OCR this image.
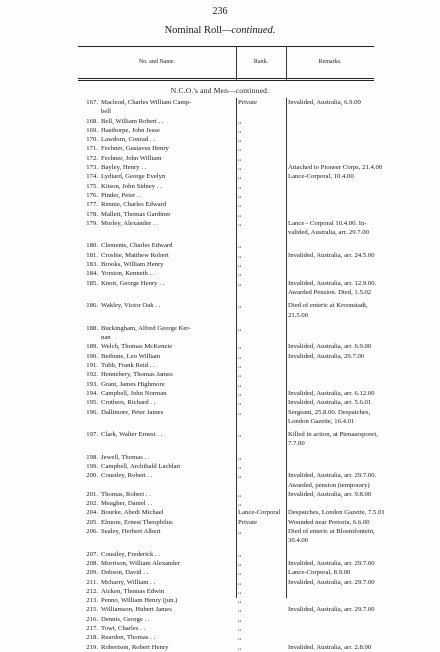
236
Nominal Roll—continued.
No. and Name.	Rank.	Remarks.
N.C.O.'s and Men—continued.
167. Macleod, Charles William Camp-	Private	Invalided, Australia, 6.9.00
bell
168. Bell, William Robert . .	,,
169. Hasthorpe, John Jesse	,,
170. Lawdorn, Conrad . .	,,
171. Fechner, Gustavus Henry	,,
172. Fechner, John William	,,
173. Bayley, Henry . .	,,	Attached to Pioneer Corps, 21.4.00
174. Lydiard, George Evelyn	,,	Lance-Corporal, 10.4.00
175. Kitson, John Sidney . .	,,
176. Pinder, Peter . .	,,
177. Rennie, Charles Edward	,,
178. Mallett, Thomas Gardiner	,,
179. Morley, Alexander . .	,,	Lance - Corporal 10.4.00. In-
valided, Australia, arr. 29.7.00
180. Clements, Charles Edward	,,
181. Crosbie, Matthew Robert	,,	Invalided, Australia, arr. 24.5.00
183. Brooks, William Henry	,,
184. Yorston, Kenneth . .	,,
185. Knott, George Henry . .	,,	Invalided, Australia, arr. 12.9.00.
Awarded Pension. Died, 1.5.02
186. Wakley, Victor Oak . .	,,	Died of enteric at Kroonstadt,
21.5.00
188. Buckingham, Alfred George Ker-	,,
nan
189. Welch, Thomas McKenzie	,,	Invalided, Australia, arr. 6.9.00
190. Bethune, Leo William	,,	Invalided, Australia, 29.7.00
191. Tubb, Frank Reid . .	,,
192. Hennebery, Thomas James	,,
193. Grant, James Highmore	,,
194. Campbell, John Norman	,,	Invalided, Australia, arr. 6.12.00
195. Crothers, Richard . .	,,	Invalided, Australia, arr. 5.6.01
196. Dallimore, Peter James	,,	Sergeant, 25.8.00. Despatches,
London Gazette, 16.4.01
197. Clark, Walter Ernest . .	,,	Killed in action, at Pienaarspoort,
7.7.00
198. Jewell, Thomas . .	,,
199. Campbell, Archibald Lachlan	,,
200. Coustley, Robert . .	,,	Invalided, Australia, arr. 29.7.00.
Awarded, pension (temporary)
201. Thomas, Robert . .	,,	Invalided, Australia, arr. 9.8.00
202. Meagher, Daniel . .	,,
204. Bourke, Abedi Michael	Lance-Corporal	Despatches, London Gazette, 7.5.01
205. Elmore, Ernest Theophilus	Private	Wounded near Pretoria, 6.6.00
206. Sealey, Herbert Albert	,,	Died of enteric at Bloemfontein,
30.4.00
207. Coustley, Frederick . .	,,
208. Morrison, William Alexander	,,	Invalided, Australia, arr. 29.7.00
209. Dobson, David . .	,,	Lance-Corporal, 8.9.00
211. Mcharry, William . .	,,	Invalided, Australia, arr. 29.7.00
212. Aicken, Thomas Edwin	,,
213. Penno, William Henry (jun.)	,,
215. Williamson, Hubert James	,,	Invalided, Australia, arr. 29.7.00
216. Dennis, George . .	,,
217. Towt, Charles . .	,,
218. Reardon, Thomas . .	,,
219. Robertson, Robert Henry	,,	Invalided, Australia, arr. 2.8.00
